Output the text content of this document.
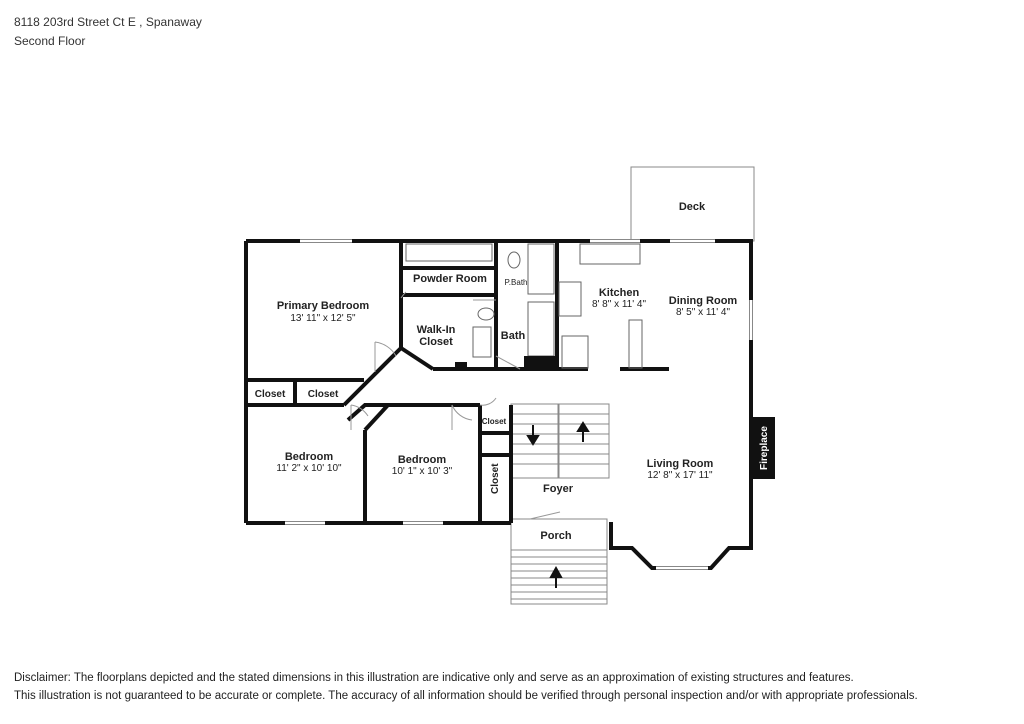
8118 203rd Street Ct E , Spanaway
Second Floor
Fireplace
Deck
Primary Bedroom
13' 11" x 12' 5"
Powder Room P.Bath
Walk-In
Closet	Bath
Kitchen
8' 8" x 11' 4" Dining Room
8' 5" x 11' 4"
Closet Closet
Closet
Closet
Bedroom
11' 2" x 10' 10"
Bedroom
10' 1" x 10' 3"
Living Room
12' 8" x 17' 11"
Foyer
Porch
Disclaimer: The floorplans depicted and the stated dimensions in this illustration are indicative only and serve as an approximation of existing structures and features.
This illustration is not guaranteed to be accurate or complete. The accuracy of all information should be verified through personal inspection and/or with appropriate professionals.
